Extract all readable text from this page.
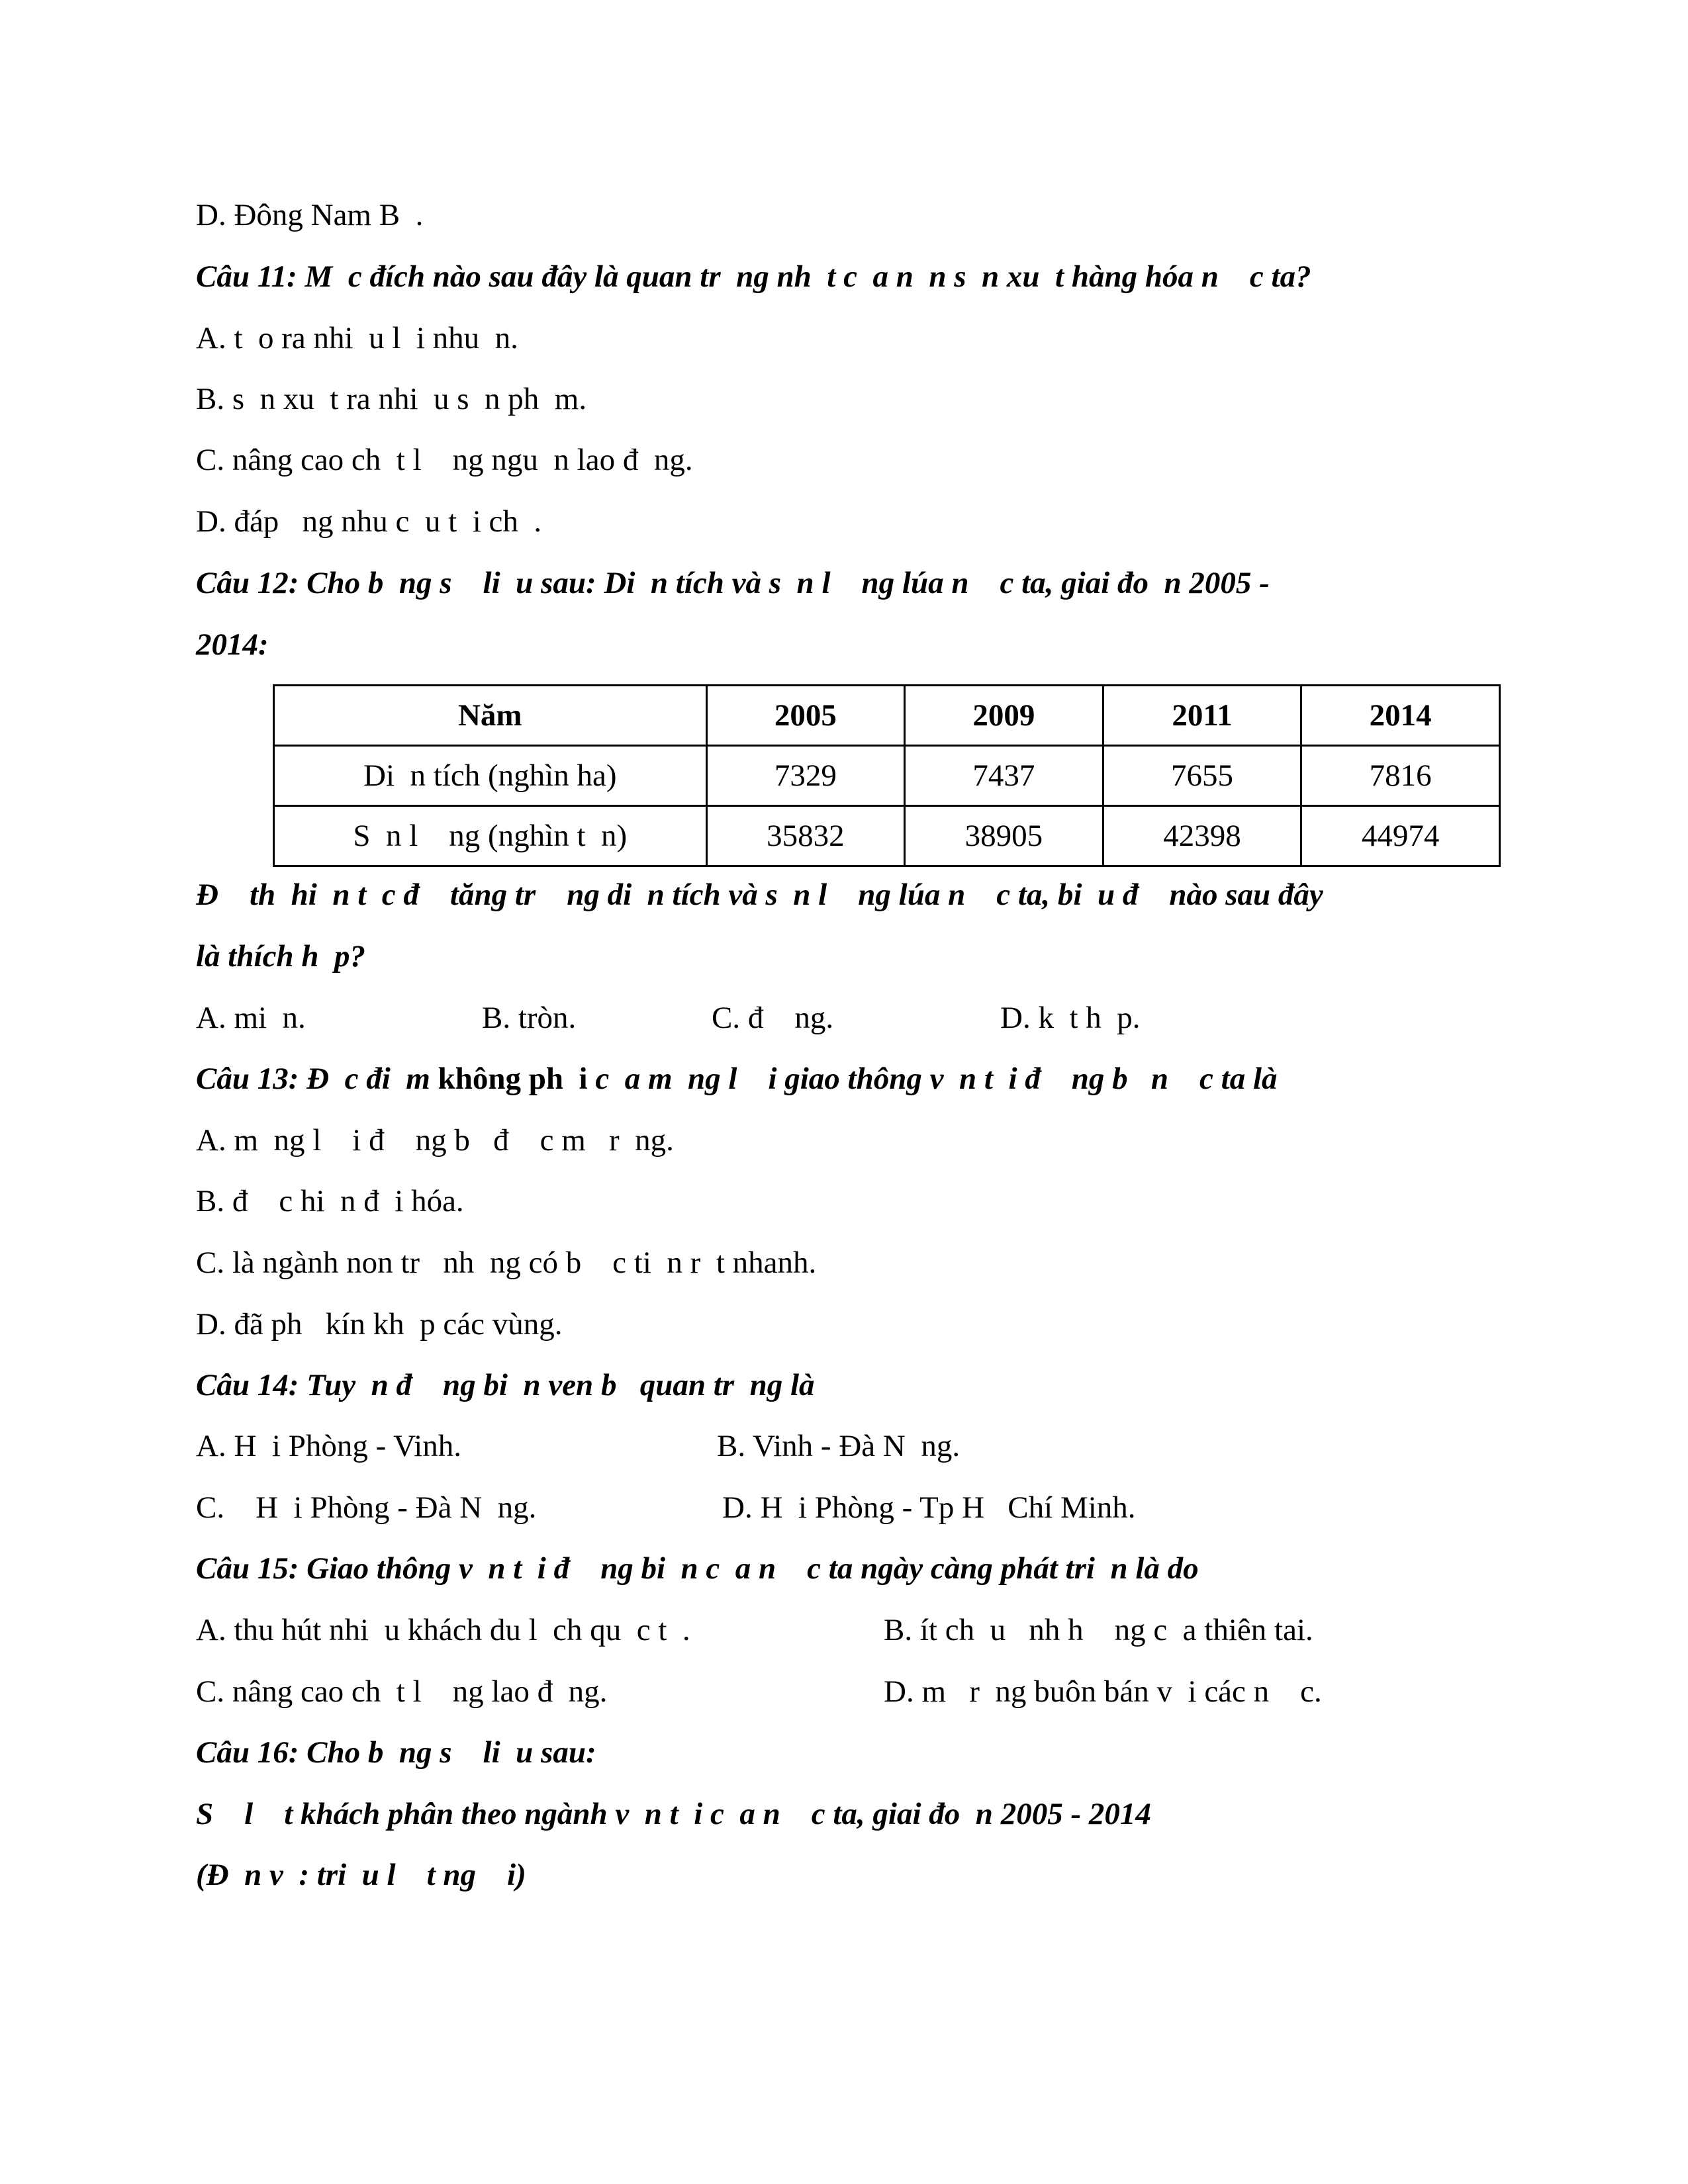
D. Đông Nam B  .
Câu 11: M  c đích nào sau đây là quan tr  ng nh  t c  a n  n s  n xu  t hàng hóa n    c ta?
A. t  o ra nhi  u l  i nhu  n.
B. s  n xu  t ra nhi  u s  n ph  m.
C. nâng cao ch  t l    ng ngu  n lao đ  ng.
D. đáp   ng nhu c  u t  i ch  .
Câu 12: Cho b  ng s    li  u sau: Di  n tích và s  n l    ng lúa n    c ta, giai đo  n 2005 -
2014:
Năm	2005	2009	2011	2014
Di  n tích (nghìn ha)	7329	7437	7655	7816
S  n l    ng (nghìn t  n)	35832	38905	42398	44974
Đ    th  hi  n t  c đ    tăng tr    ng di  n tích và s  n l    ng lúa n    c ta, bi  u đ    nào sau đây
là thích h  p?
A. mi  n.	B. tròn.	C. đ    ng.	D. k  t h  p.
Câu 13: Đ  c đi  m không ph  i c  a m  ng l    i giao thông v  n t  i đ    ng b   n    c ta là
A. m  ng l    i đ    ng b   đ    c m   r  ng.
B. đ    c hi  n đ  i hóa.
C. là ngành non tr   nh  ng có b    c ti  n r  t nhanh.
D. đã ph   kín kh  p các vùng.
Câu 14: Tuy  n đ    ng bi  n ven b   quan tr  ng là
A. H  i Phòng - Vinh.	B. Vinh - Đà N  ng.
C.    H  i Phòng - Đà N  ng.	D. H  i Phòng - Tp H   Chí Minh.
Câu 15: Giao thông v  n t  i đ    ng bi  n c  a n    c ta ngày càng phát tri  n là do
A. thu hút nhi  u khách du l  ch qu  c t  .	B. ít ch  u   nh h    ng c  a thiên tai.
C. nâng cao ch  t l    ng lao đ  ng.	D. m   r  ng buôn bán v  i các n    c.
Câu 16: Cho b  ng s    li  u sau:
S    l    t khách phân theo ngành v  n t  i c  a n    c ta, giai đo  n 2005 - 2014
(Đ  n v  : tri  u l    t ng    i)
